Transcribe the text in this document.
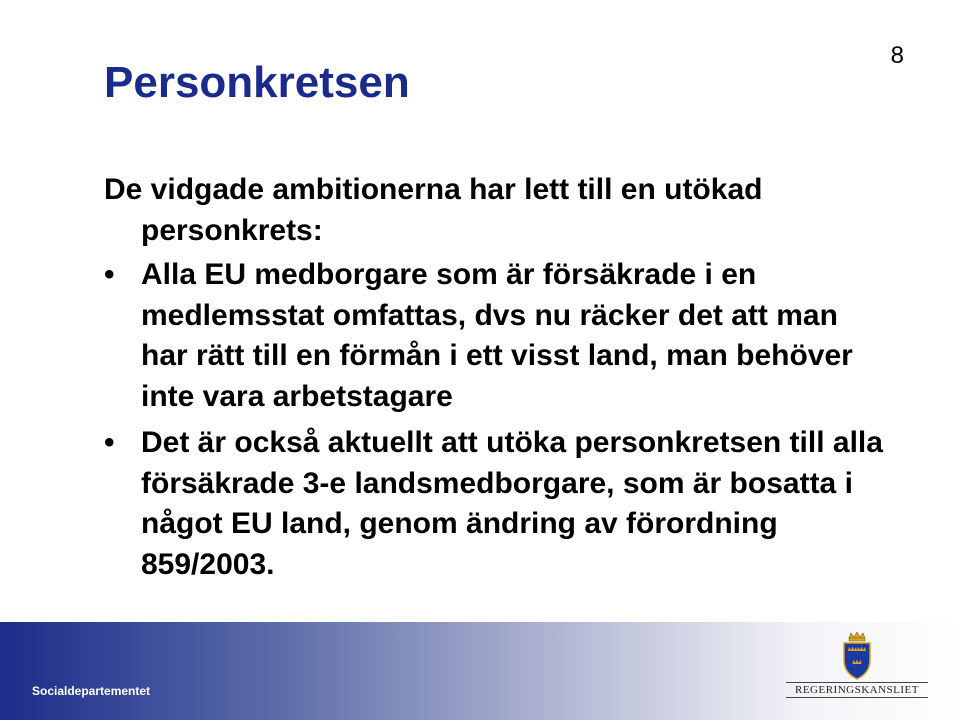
8
Personkretsen

De vidgade ambitionerna har lett till en utökad personkrets:

• Alla EU medborgare som är försäkrade i en medlemsstat omfattas, dvs nu räcker det att man har rätt till en förmån i ett visst land, man behöver inte vara arbetstagare
• Det är också aktuellt att utöka personkretsen till alla försäkrade 3-e landsmedborgare, som är bosatta i något EU land, genom ändring av förordning 859/2003.
Socialdepartementet	REGERINGSKANSLIET
